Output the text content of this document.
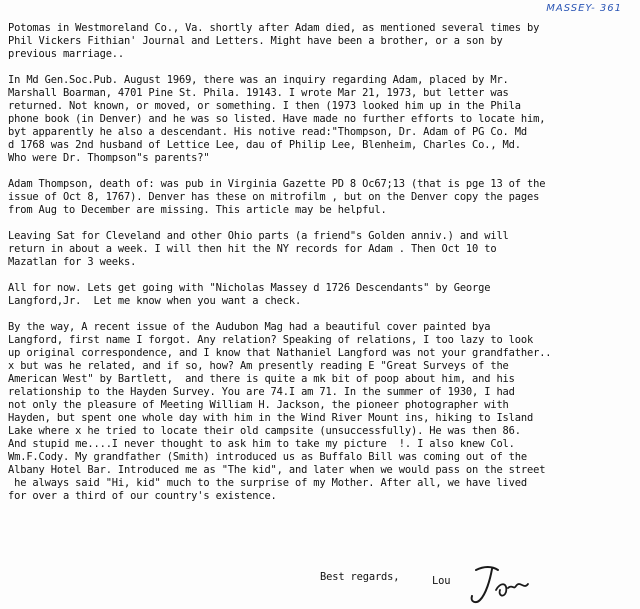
MASSEY- 361
Potomas in Westmoreland Co., Va. shortly after Adam died, as mentioned several times by
Phil Vickers Fithian' Journal and Letters. Might have been a brother, or a son by
previous marriage..
In Md Gen.Soc.Pub. August 1969, there was an inquiry regarding Adam, placed by Mr.
Marshall Boarman, 4701 Pine St. Phila. 19143. I wrote Mar 21, 1973, but letter was
returned. Not known, or moved, or something. I then (1973 looked him up in the Phila
phone book (in Denver) and he was so listed. Have made no further efforts to locate him,
byt apparently he also a descendant. His notive read:"Thompson, Dr. Adam of PG Co. Md
d 1768 was 2nd husband of Lettice Lee, dau of Philip Lee, Blenheim, Charles Co., Md.
Who were Dr. Thompson"s parents?"
Adam Thompson, death of: was pub in Virginia Gazette PD 8 Oc67;13 (that is pge 13 of the
issue of Oct 8, 1767). Denver has these on mitrofilm , but on the Denver copy the pages
from Aug to December are missing. This article may be helpful.
Leaving Sat for Cleveland and other Ohio parts (a friend"s Golden anniv.) and will
return in about a week. I will then hit the NY records for Adam . Then Oct 10 to
Mazatlan for 3 weeks.
All for now. Lets get going with "Nicholas Massey d 1726 Descendants" by George
Langford,Jr.  Let me know when you want a check.
By the way, A recent issue of the Audubon Mag had a beautiful cover painted bya
Langford, first name I forgot. Any relation? Speaking of relations, I too lazy to look
up original correspondence, and I know that Nathaniel Langford was not your grandfather..
x but was he related, and if so, how? Am presently reading E "Great Surveys of the
American West" by Bartlett,  and there is quite a mk bit of poop about him, and his
relationship to the Hayden Survey. You are 74.I am 71. In the summer of 1930, I had
not only the pleasure of Meeting William H. Jackson, the pioneer photographer with
Hayden, but spent one whole day with him in the Wind River Mount ins, hiking to Island
Lake where x he tried to locate their old campsite (unsuccessfully). He was then 86.
And stupid me....I never thought to ask him to take my picture  !. I also knew Col.
Wm.F.Cody. My grandfather (Smith) introduced us as Buffalo Bill was coming out of the
Albany Hotel Bar. Introduced me as "The kid", and later when we would pass on the street
he always said "Hi, kid" much to the surprise of my Mother. After all, we have lived
for over a third of our country's existence.
Best regards,	Lou
